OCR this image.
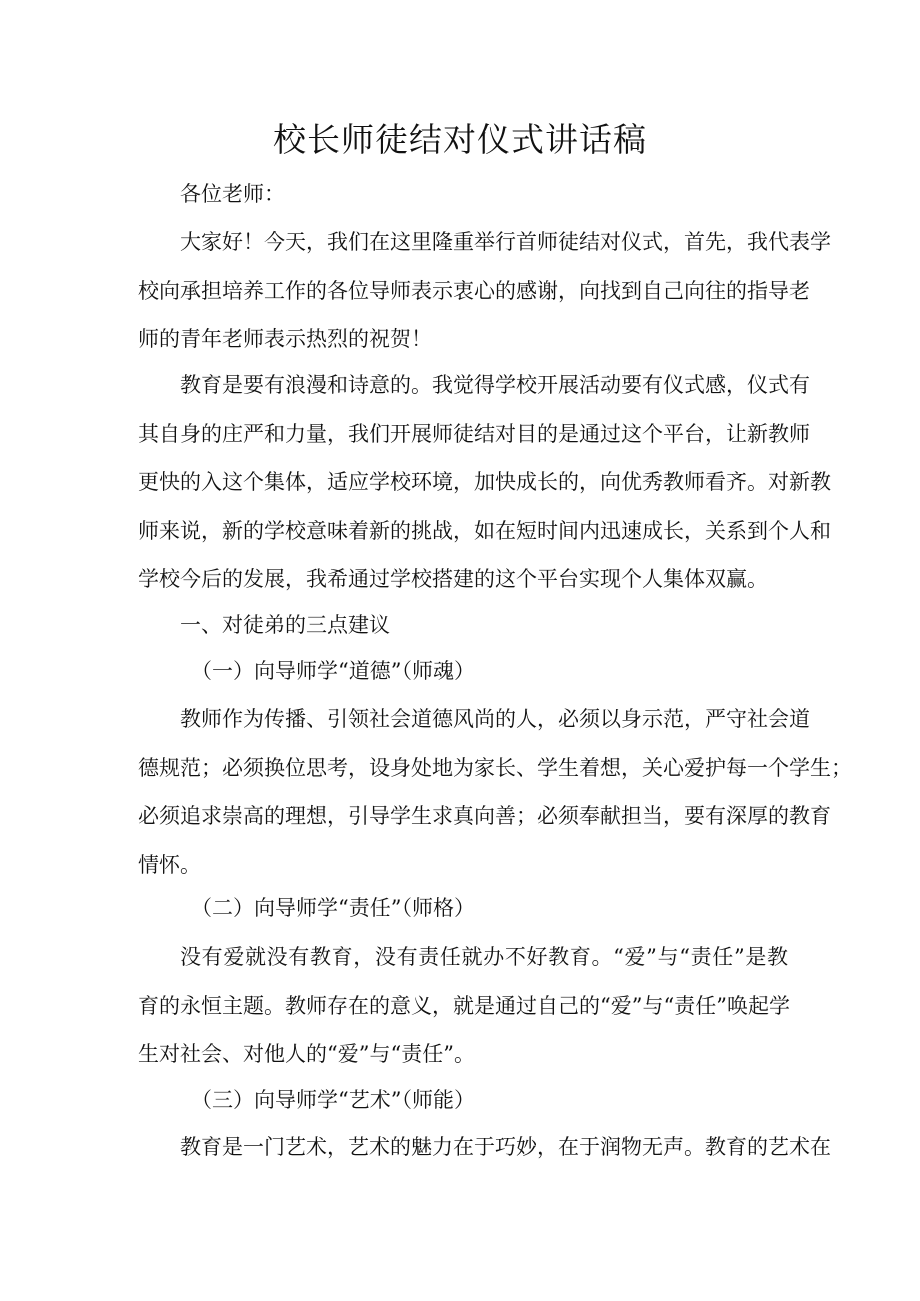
校长师徒结对仪式讲话稿

各位老师：

大家好！今天，我们在这里隆重举行首师徒结对仪式，首先，我代表学
校向承担培养工作的各位导师表示衷心的感谢，向找到自己向往的指导老
师的青年老师表示热烈的祝贺！

教育是要有浪漫和诗意的。我觉得学校开展活动要有仪式感，仪式有
其自身的庄严和力量，我们开展师徒结对目的是通过这个平台，让新教师
更快的入这个集体，适应学校环境，加快成长的，向优秀教师看齐。对新教
师来说，新的学校意味着新的挑战，如在短时间内迅速成长，关系到个人和
学校今后的发展，我希通过学校搭建的这个平台实现个人集体双赢。

一、对徒弟的三点建议

（一）向导师学“道德”（师魂）

教师作为传播、引领社会道德风尚的人，必须以身示范，严守社会道
德规范；必须换位思考，设身处地为家长、学生着想，关心爱护每一个学生；
必须追求崇高的理想，引导学生求真向善；必须奉献担当，要有深厚的教育
情怀。

（二）向导师学“责任”（师格）

没有爱就没有教育，没有责任就办不好教育。“爱”与“责任”是教
育的永恒主题。教师存在的意义，就是通过自己的“爱”与“责任”唤起学
生对社会、对他人的“爱”与“责任”。

（三）向导师学“艺术”（师能）

教育是一门艺术，艺术的魅力在于巧妙，在于润物无声。教育的艺术在
